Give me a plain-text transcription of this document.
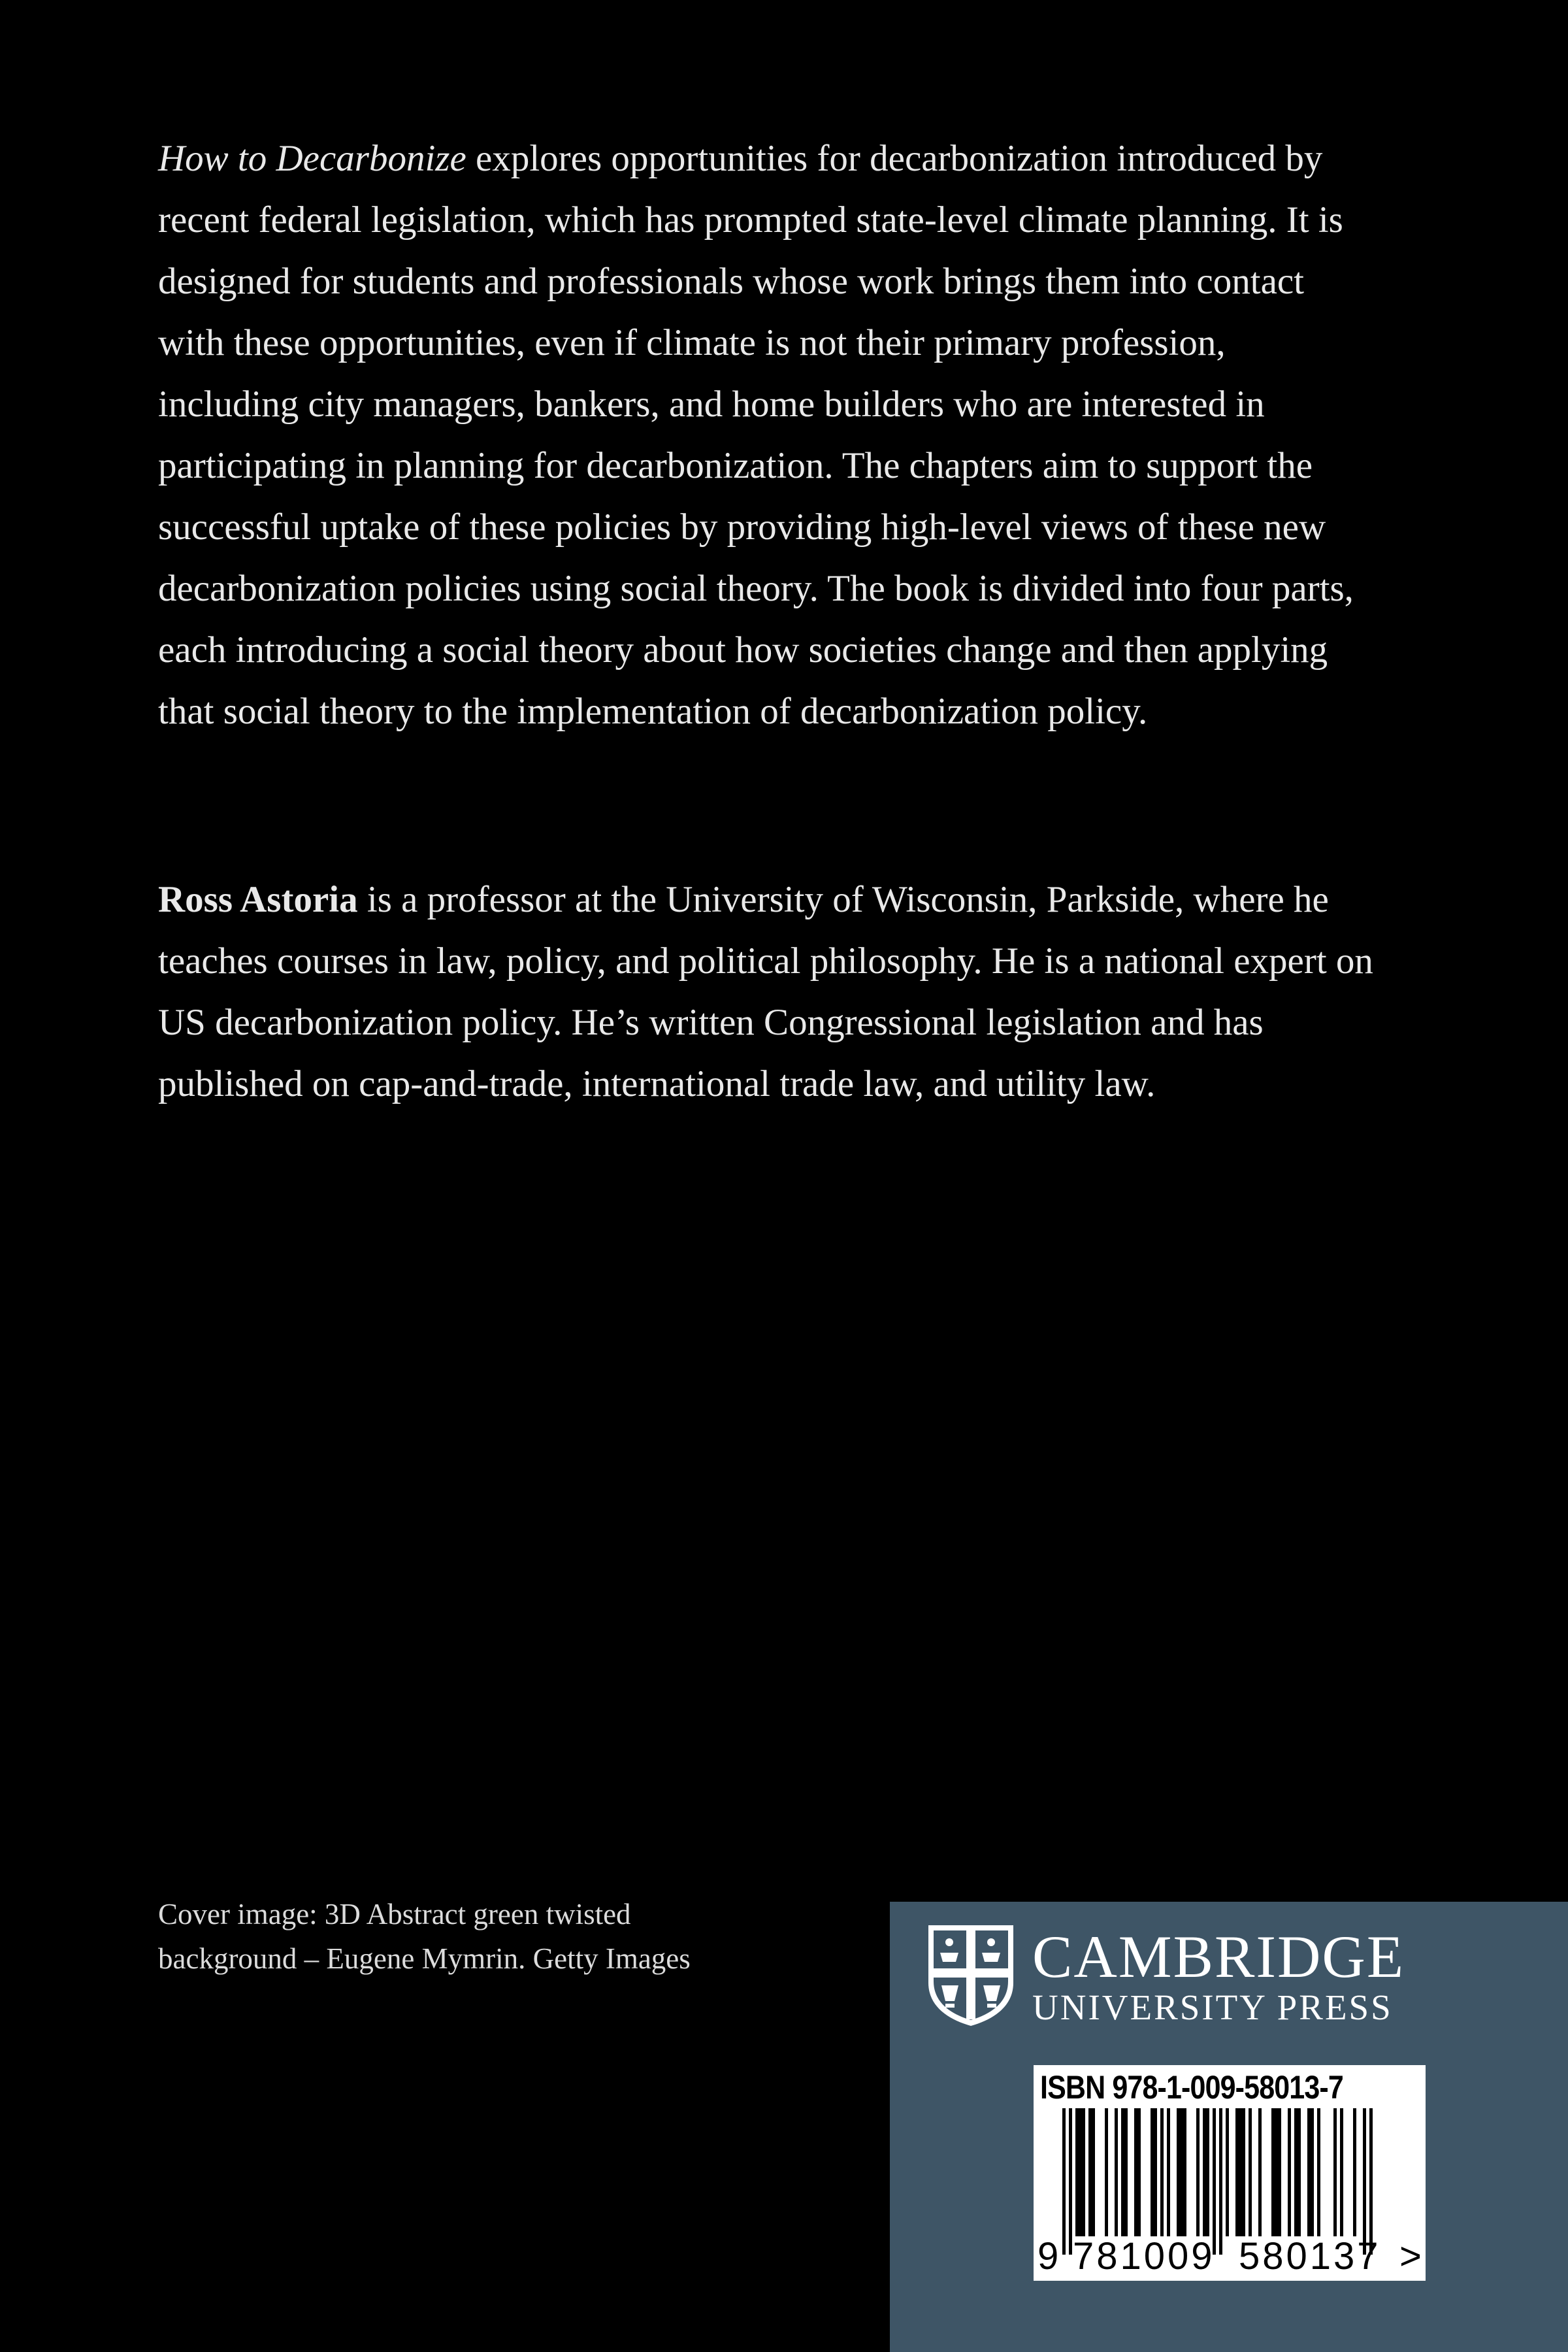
How to Decarbonize explores opportunities for decarbonization introduced by recent federal legislation, which has prompted state-level climate planning. It is designed for students and professionals whose work brings them into contact with these opportunities, even if climate is not their primary profession, including city managers, bankers, and home builders who are interested in participating in planning for decarbonization. The chapters aim to support the successful uptake of these policies by providing high-level views of these new decarbonization policies using social theory. The book is divided into four parts, each introducing a social theory about how societies change and then applying that social theory to the implementation of decarbonization policy.

Ross Astoria is a professor at the University of Wisconsin, Parkside, where he teaches courses in law, policy, and political philosophy. He is a national expert on US decarbonization policy. He’s written Congressional legislation and has published on cap-and-trade, international trade law, and utility law.

Cover image: 3D Abstract green twisted
background – Eugene Mymrin. Getty Images	CAMBRIDGE
UNIVERSITY PRESS

ISBN 978-1-009-58013-7
9 781009 580137 >
